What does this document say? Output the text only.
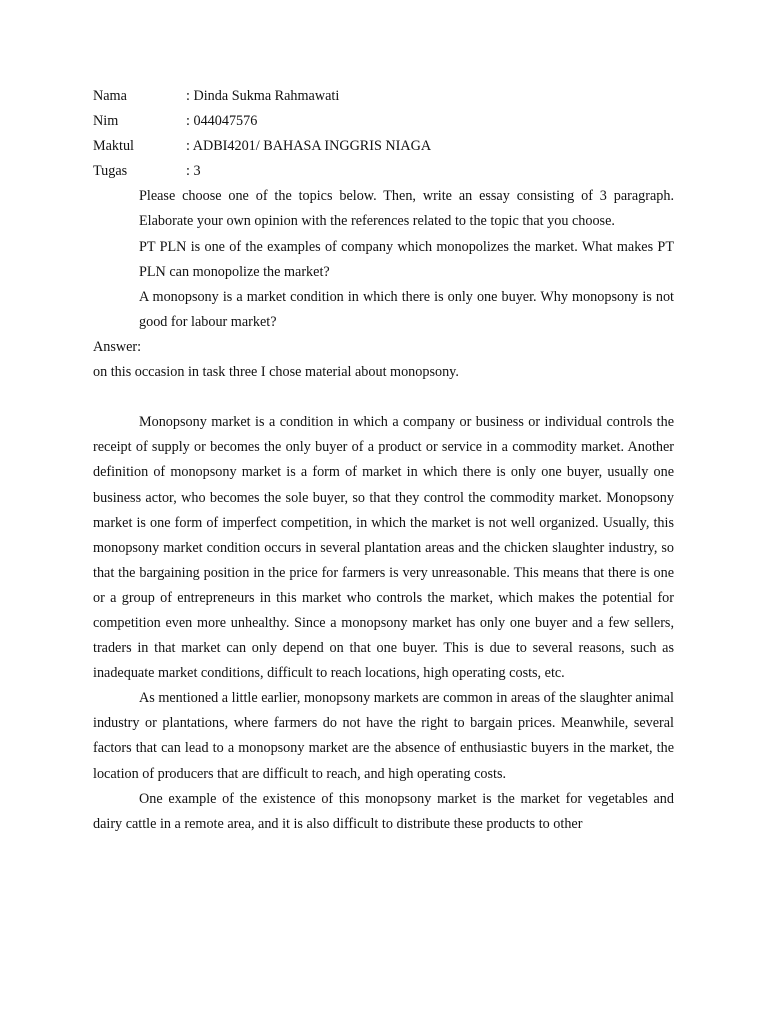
Nama	: Dinda Sukma Rahmawati
Nim	: 044047576
Maktul	: ADBI4201/ BAHASA INGGRIS NIAGA
Tugas	: 3

Please choose one of the topics below. Then, write an essay consisting of 3 paragraph. Elaborate your own opinion with the references related to the topic that you choose.

PT PLN is one of the examples of company which monopolizes the market. What makes PT PLN can monopolize the market?

A monopsony is a market condition in which there is only one buyer. Why monopsony is not good for labour market?

Answer:

on this occasion in task three I chose material about monopsony.

Monopsony market is a condition in which a company or business or individual controls the receipt of supply or becomes the only buyer of a product or service in a commodity market. Another definition of monopsony market is a form of market in which there is only one buyer, usually one business actor, who becomes the sole buyer, so that they control the commodity market. Monopsony market is one form of imperfect competition, in which the market is not well organized. Usually, this monopsony market condition occurs in several plantation areas and the chicken slaughter industry, so that the bargaining position in the price for farmers is very unreasonable. This means that there is one or a group of entrepreneurs in this market who controls the market, which makes the potential for competition even more unhealthy. Since a monopsony market has only one buyer and a few sellers, traders in that market can only depend on that one buyer. This is due to several reasons, such as inadequate market conditions, difficult to reach locations, high operating costs, etc.

As mentioned a little earlier, monopsony markets are common in areas of the slaughter animal industry or plantations, where farmers do not have the right to bargain prices. Meanwhile, several factors that can lead to a monopsony market are the absence of enthusiastic buyers in the market, the location of producers that are difficult to reach, and high operating costs.

One example of the existence of this monopsony market is the market for vegetables and dairy cattle in a remote area, and it is also difficult to distribute these products to other
